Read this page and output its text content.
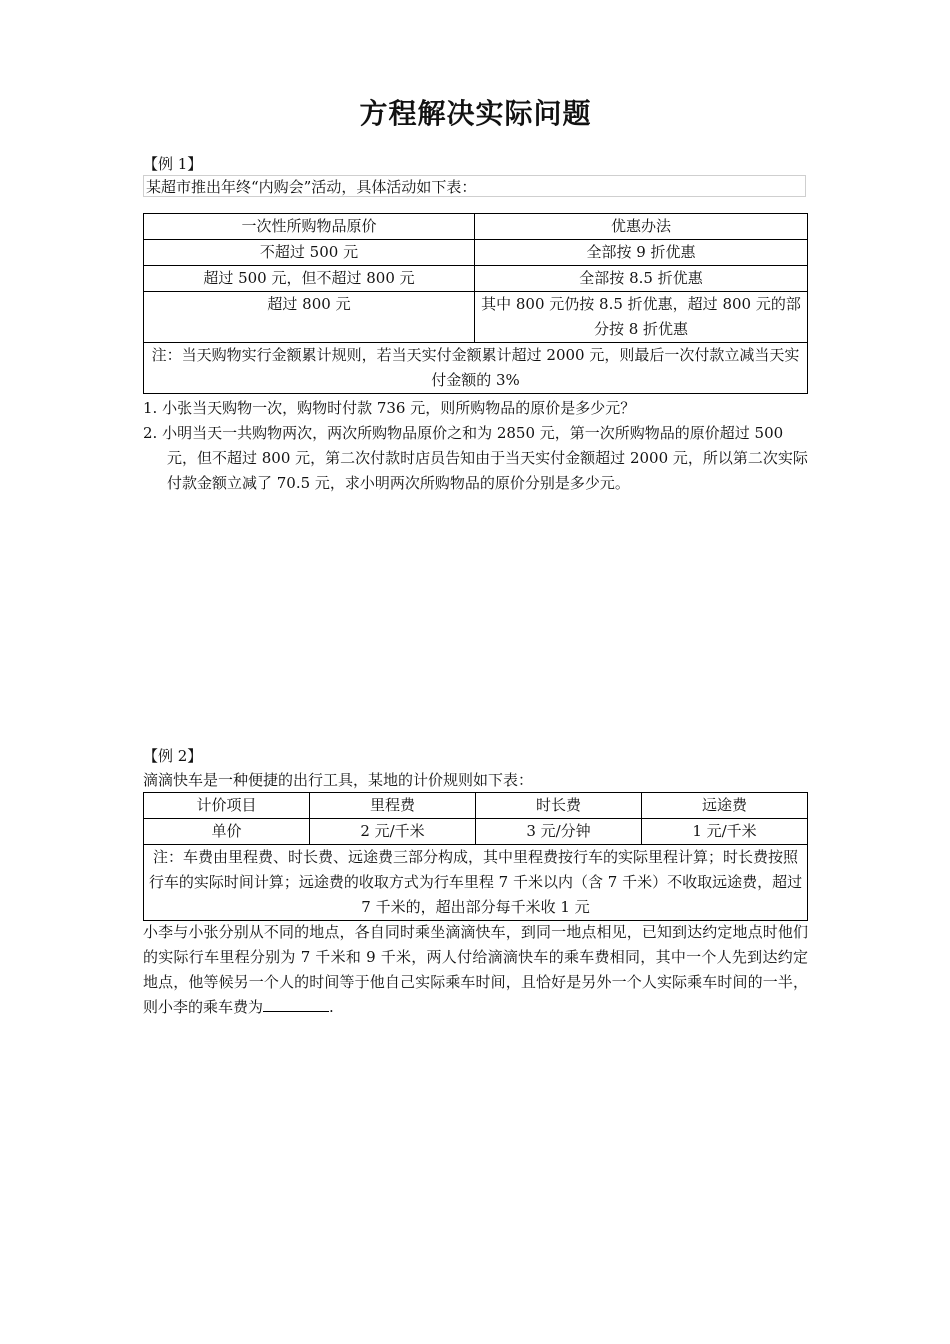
方程解决实际问题
【例 1】
某超市推出年终“内购会”活动，具体活动如下表：
一次性所购物品原价	优惠办法
不超过 500 元	全部按 9 折优惠
超过 500 元，但不超过 800 元	全部按 8.5 折优惠
超过 800 元	其中 800 元仍按 8.5 折优惠，超过 800 元的部分按 8 折优惠
注：当天购物实行金额累计规则，若当天实付金额累计超过 2000 元，则最后一次付款立减当天实付金额的 3%	
1. 小张当天购物一次，购物时付款 736 元，则所购物品的原价是多少元？
2. 小明当天一共购物两次，两次所购物品原价之和为 2850 元，第一次所购物品的原价超过 500 元，但不超过 800 元，第二次付款时店员告知由于当天实付金额超过 2000 元，所以第二次实际付款金额立减了 70.5 元，求小明两次所购物品的原价分别是多少元。
【例 2】
滴滴快车是一种便捷的出行工具，某地的计价规则如下表：
计价项目	里程费	时长费	远途费
单价	2 元/千米	3 元/分钟	1 元/千米
注：车费由里程费、时长费、远途费三部分构成，其中里程费按行车的实际里程计算；时长费按照行车的实际时间计算；远途费的收取方式为行车里程 7 千米以内（含 7 千米）不收取远途费，超过 7 千米的，超出部分每千米收 1 元			
小李与小张分别从不同的地点，各自同时乘坐滴滴快车，到同一地点相见，已知到达约定地点时他们的实际行车里程分别为 7 千米和 9 千米，两人付给滴滴快车的乘车费相同，其中一个人先到达约定地点，他等候另一个人的时间等于他自己实际乘车时间，且恰好是另外一个人实际乘车时间的一半，则小李的乘车费为	.
